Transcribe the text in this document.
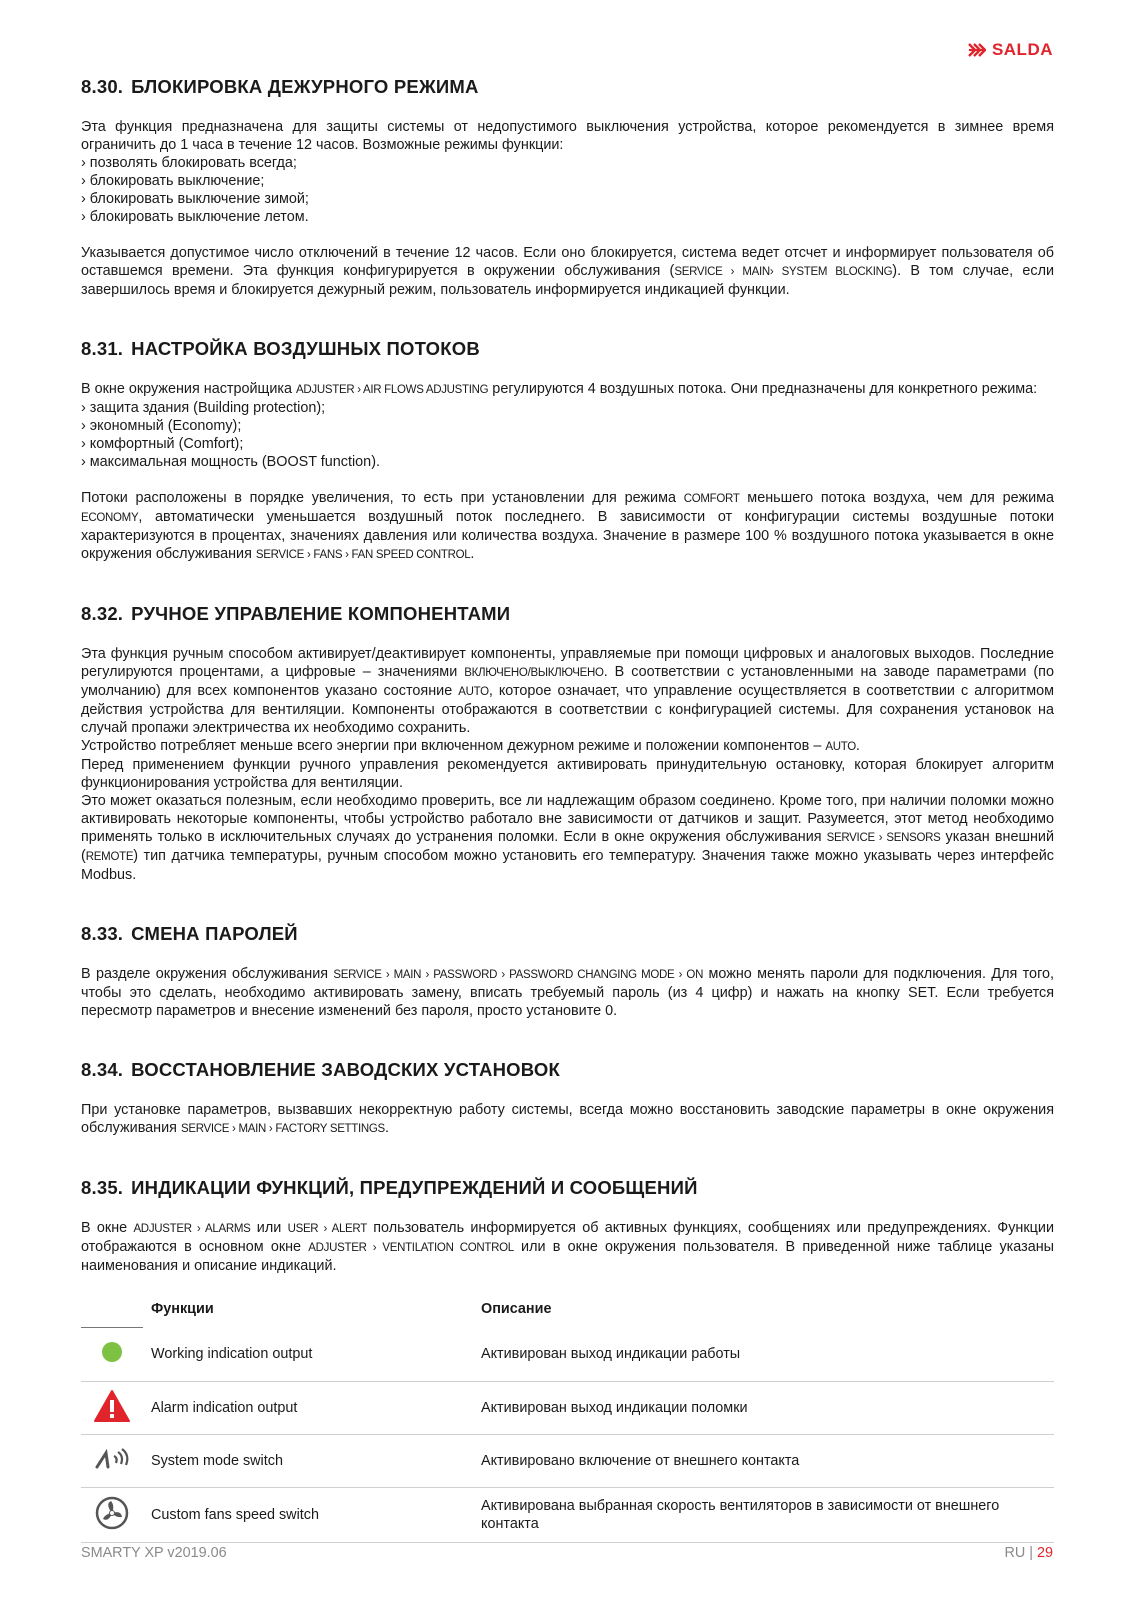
SALDA
8.30. БЛОКИРОВКА ДЕЖУРНОГО РЕЖИМА

Эта функция предназначена для защиты системы от недопустимого выключения устройства, которое рекомендуется в зимнее время ограничить до 1 часа в течение 12 часов. Возможные режимы функции:

› позволять блокировать всегда;

› блокировать выключение;

› блокировать выключение зимой;

› блокировать выключение летом.

Указывается допустимое число отключений в течение 12 часов. Если оно блокируется, система ведет отсчет и информирует пользователя об оставшемся времени. Эта функция конфигурируется в окружении обслуживания (SERVICE › MAIN› SYSTEM BLOCKING). В том случае, если завершилось время и блокируется дежурный режим, пользователь информируется индикацией функции.

8.31. НАСТРОЙКА ВОЗДУШНЫХ ПОТОКОВ

В окне окружения настройщика ADJUSTER › AIR FLOWS ADJUSTING регулируются 4 воздушных потока. Они предназначены для конкретного режима:

› защита здания (Building protection);

› экономный (Economy);

› комфортный (Comfort);

› максимальная мощность (BOOST function).

Потоки расположены в порядке увеличения, то есть при установлении для режима COMFORT меньшего потока воздуха, чем для режима ECONOMY, автоматически уменьшается воздушный поток последнего. В зависимости от конфигурации системы воздушные потоки характеризуются в процентах, значениях давления или количества воздуха. Значение в размере 100 % воздушного потока указывается в окне окружения обслуживания SERVICE › FANS › FAN SPEED CONTROL.

8.32. РУЧНОЕ УПРАВЛЕНИЕ КОМПОНЕНТАМИ

Эта функция ручным способом активирует/деактивирует компоненты, управляемые при помощи цифровых и аналоговых выходов. Последние регулируются процентами, а цифровые – значениями ВКЛЮЧЕНО/ВЫКЛЮЧЕНО. В соответствии с установленными на заводе параметрами (по умолчанию) для всех компонентов указано состояние AUTO, которое означает, что управление осуществляется в соответствии с алгоритмом действия устройства для вентиляции. Компоненты отображаются в соответствии с конфигурацией системы. Для сохранения установок на случай пропажи электричества их необходимо сохранить.

Устройство потребляет меньше всего энергии при включенном дежурном режиме и положении компонентов – AUTO.

Перед применением функции ручного управления рекомендуется активировать принудительную остановку, которая блокирует алгоритм функционирования устройства для вентиляции.

Это может оказаться полезным, если необходимо проверить, все ли надлежащим образом соединено. Кроме того, при наличии поломки можно активировать некоторые компоненты, чтобы устройство работало вне зависимости от датчиков и защит. Разумеется, этот метод необходимо применять только в исключительных случаях до устранения поломки. Если в окне окружения обслуживания SERVICE › SENSORS указан внешний (REMOTE) тип датчика температуры, ручным способом можно установить его температуру. Значения также можно указывать через интерфейс Modbus.

8.33. СМЕНА ПАРОЛЕЙ

В разделе окружения обслуживания SERVICE › MAIN › PASSWORD › PASSWORD CHANGING MODE › ON можно менять пароли для подключения. Для того, чтобы это сделать, необходимо активировать замену, вписать требуемый пароль (из 4 цифр) и нажать на кнопку SET. Если требуется пересмотр параметров и внесение изменений без пароля, просто установите 0.

8.34. ВОССТАНОВЛЕНИЕ ЗАВОДСКИХ УСТАНОВОК

При установке параметров, вызвавших некорректную работу системы, всегда можно восстановить заводские параметры в окне окружения обслуживания SERVICE › MAIN › FACTORY SETTINGS.

8.35. ИНДИКАЦИИ ФУНКЦИЙ, ПРЕДУПРЕЖДЕНИЙ И СООБЩЕНИЙ

В окне ADJUSTER › ALARMS или USER › ALERT пользователь информируется об активных функциях, сообщениях или предупреждениях. Функции отображаются в основном окне ADJUSTER › VENTILATION CONTROL или в окне окружения пользователя. В приведенной ниже таблице указаны наименования и описание индикаций.

	Функции	Описание
	Working indication output	Активирован выход индикации работы
	Alarm indication output	Активирован выход индикации поломки
	System mode switch	Активировано включение от внешнего контакта
	Custom fans speed switch	Активирована выбранная скорость вентиляторов в зависимости от внешнего контакта
SMARTY XP v2019.06	RU | 29
